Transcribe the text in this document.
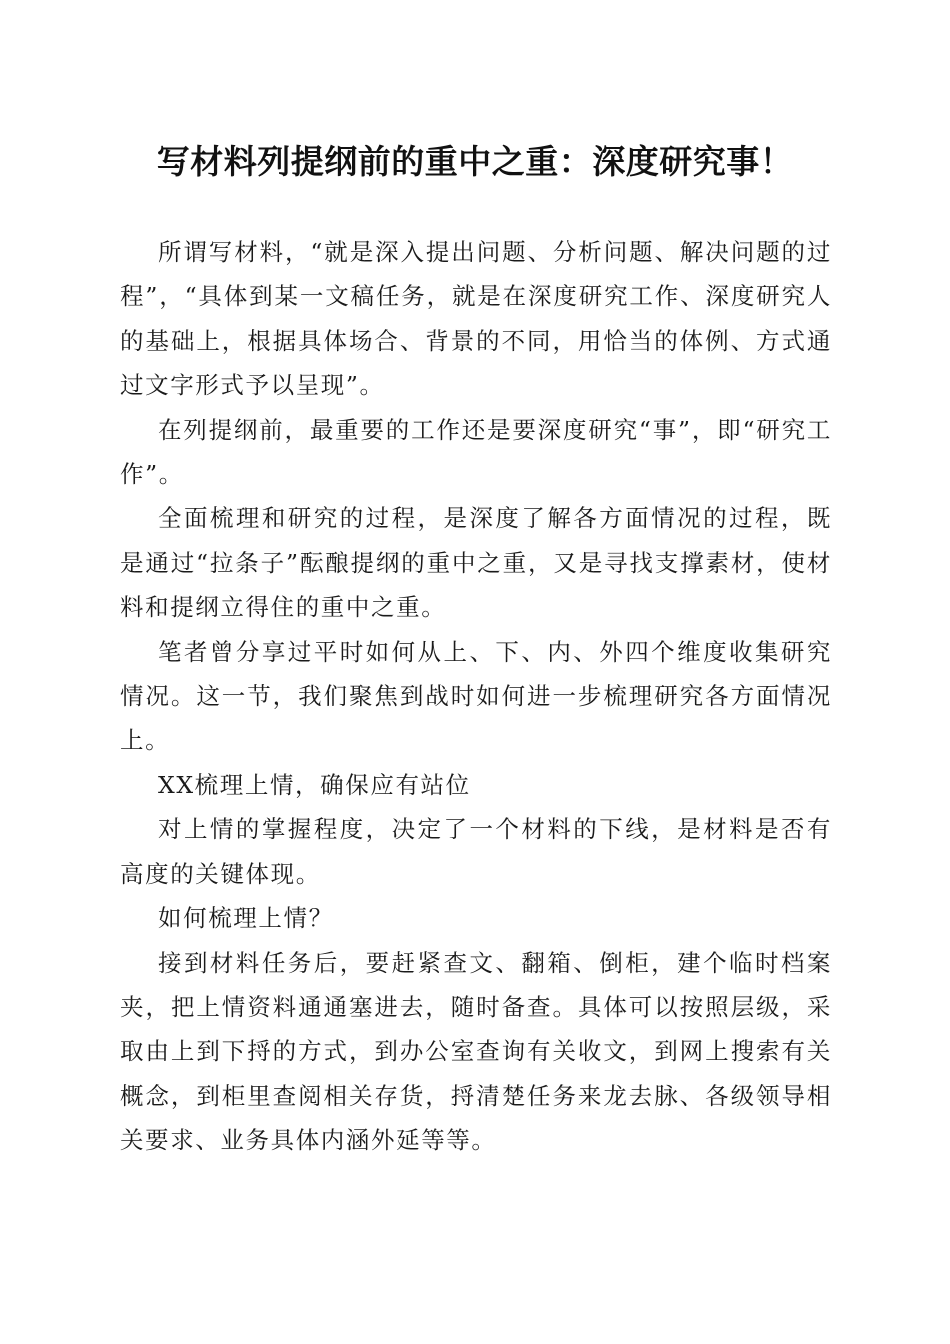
写材料列提纲前的重中之重：深度研究事！

所谓写材料，“就是深入提出问题、分析问题、解决问题的过程”，“具体到某一文稿任务，就是在深度研究工作、深度研究人的基础上，根据具体场合、背景的不同，用恰当的体例、方式通过文字形式予以呈现”。

在列提纲前，最重要的工作还是要深度研究“事”，即“研究工作”。

全面梳理和研究的过程，是深度了解各方面情况的过程，既是通过“拉条子”酝酿提纲的重中之重，又是寻找支撑素材，使材料和提纲立得住的重中之重。

笔者曾分享过平时如何从上、下、内、外四个维度收集研究情况。这一节，我们聚焦到战时如何进一步梳理研究各方面情况上。

XX梳理上情，确保应有站位

对上情的掌握程度，决定了一个材料的下线，是材料是否有高度的关键体现。

如何梳理上情？

接到材料任务后，要赶紧查文、翻箱、倒柜，建个临时档案夹，把上情资料通通塞进去，随时备查。具体可以按照层级，采取由上到下捋的方式，到办公室查询有关收文，到网上搜索有关概念，到柜里查阅相关存货，捋清楚任务来龙去脉、各级领导相关要求、业务具体内涵外延等等。
